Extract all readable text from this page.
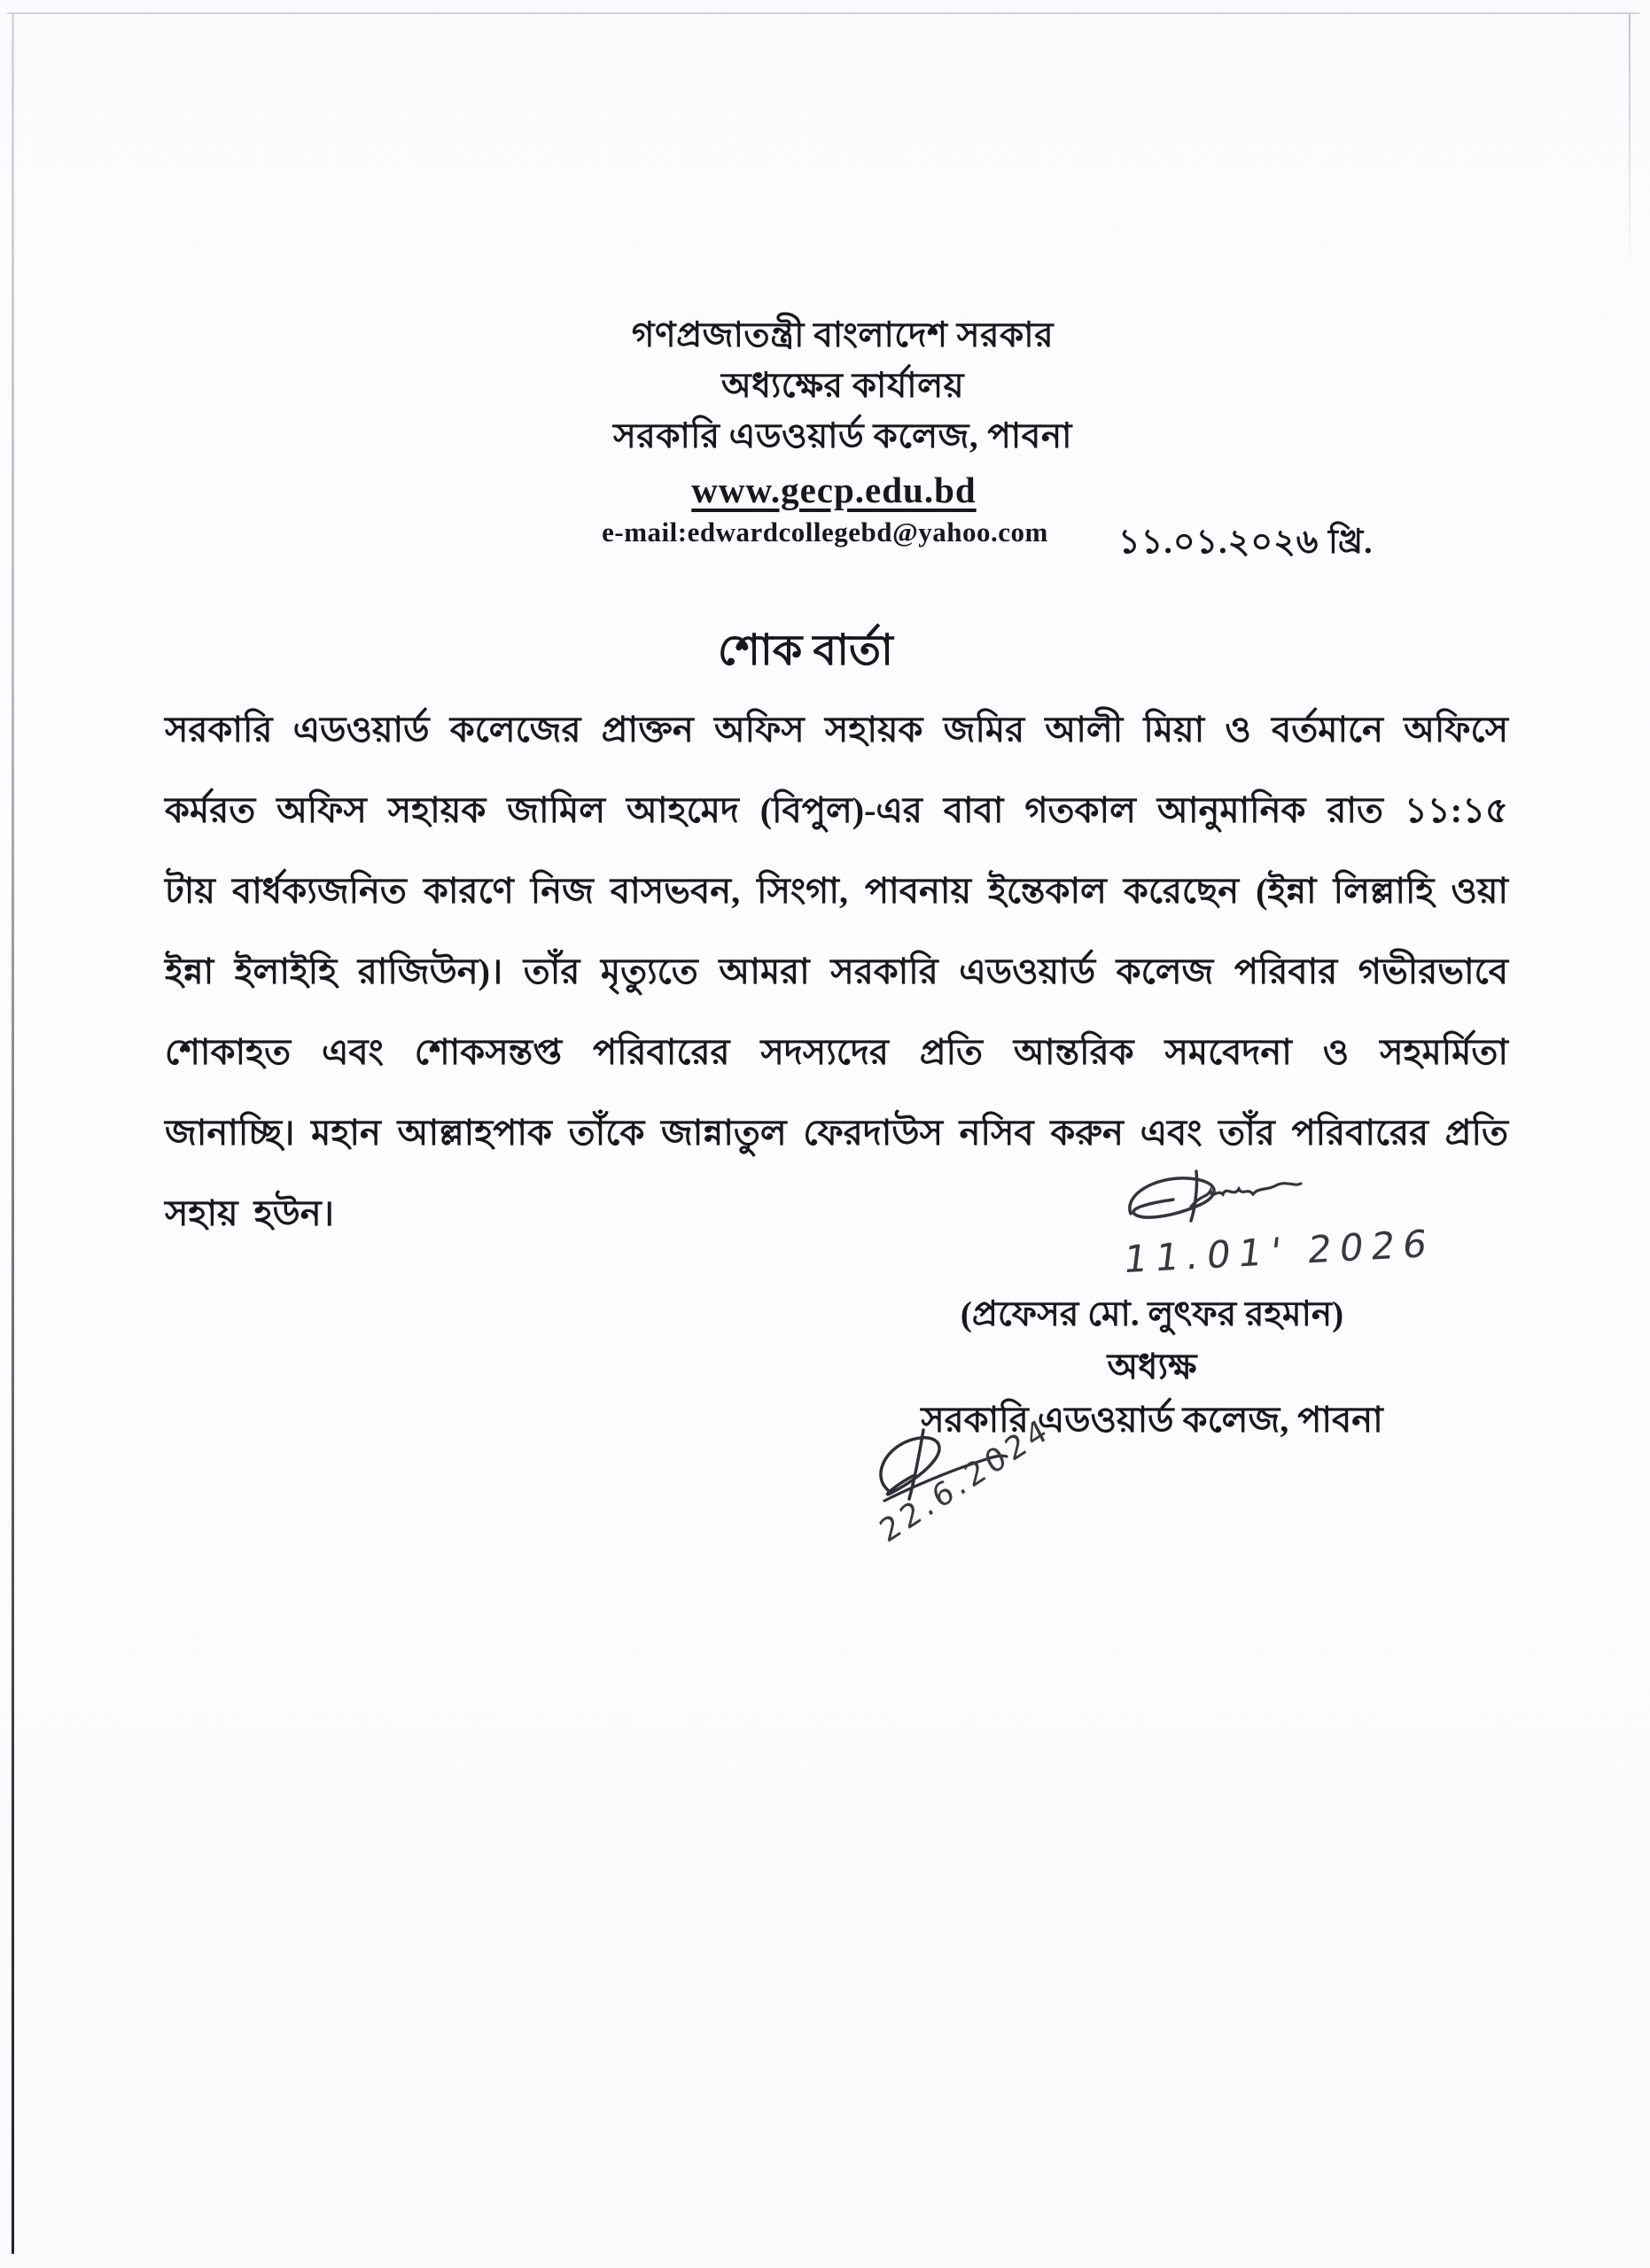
গণপ্রজাতন্ত্রী বাংলাদেশ সরকার
অধ্যক্ষের কার্যালয়
সরকারি এডওয়ার্ড কলেজ, পাবনা
www.gecp.edu.bd
e-mail:edwardcollegebd@yahoo.com	১১.০১.২০২৬ খ্রি.
শোক বার্তা
সরকারি এডওয়ার্ড কলেজের প্রাক্তন অফিস সহায়ক জমির আলী মিয়া ও বর্তমানে অফিসে কর্মরত অফিস সহায়ক জামিল আহমেদ (বিপুল)-এর বাবা গতকাল আনুমানিক রাত ১১:১৫ টায় বার্ধক্যজনিত কারণে নিজ বাসভবন, সিংগা, পাবনায় ইন্তেকাল করেছেন (ইন্না লিল্লাহি ওয়া ইন্না ইলাইহি রাজিউন)। তাঁর মৃত্যুতে আমরা সরকারি এডওয়ার্ড কলেজ পরিবার গভীরভাবে শোকাহত এবং শোকসন্তপ্ত পরিবারের সদস্যদের প্রতি আন্তরিক সমবেদনা ও সহমর্মিতা জানাচ্ছি। মহান আল্লাহপাক তাঁকে জান্নাতুল ফেরদাউস নসিব করুন এবং তাঁর পরিবারের প্রতি সহায় হউন।
11.01' 2026
(প্রফেসর মো. লুৎফর রহমান)
অধ্যক্ষ
সরকারি এডওয়ার্ড কলেজ, পাবনা
22.6.2024
